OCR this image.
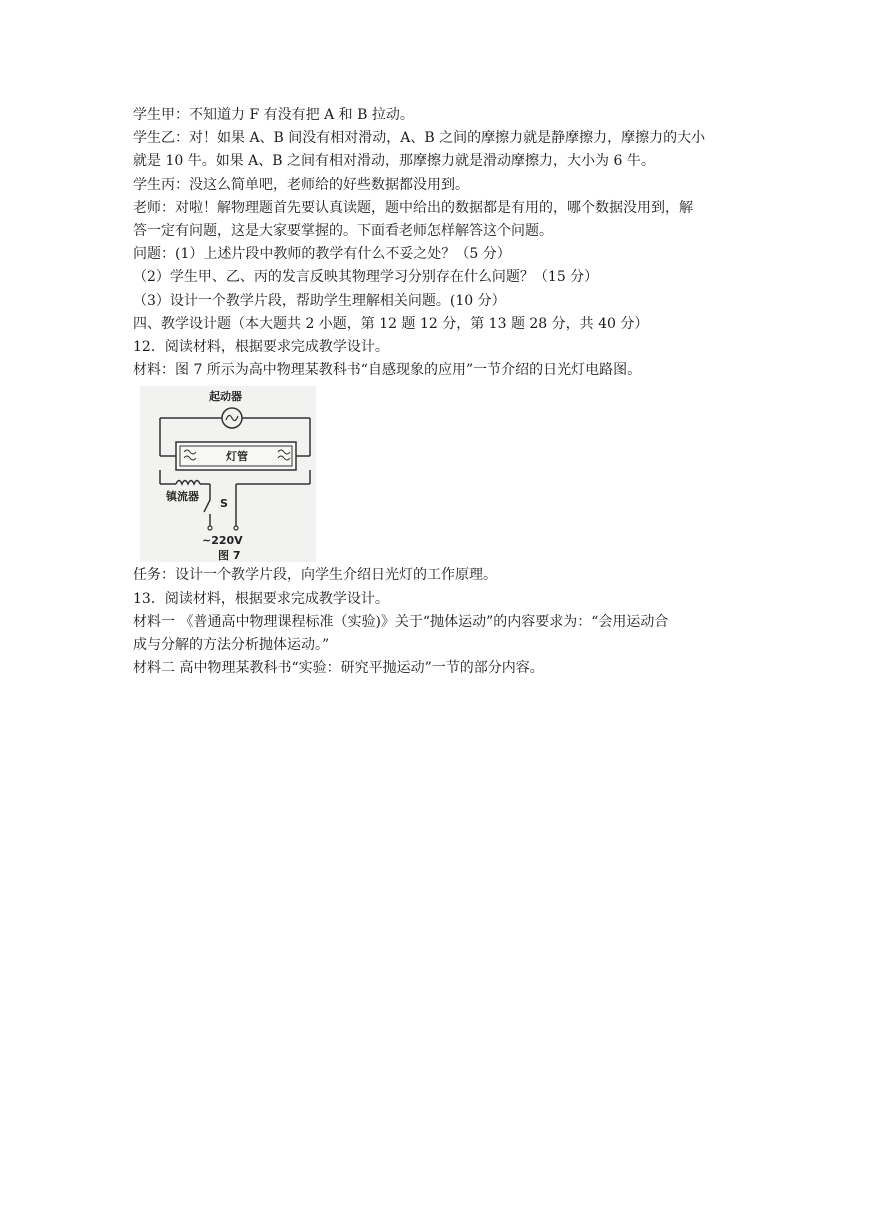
学生甲：不知道力 F 有没有把 A 和 B 拉动。

学生乙：对！如果 A、B 间没有相对滑动，A、B 之间的摩擦力就是静摩擦力，摩擦力的大小

就是 10 牛。如果 A、B 之间有相对滑动，那摩擦力就是滑动摩擦力，大小为 6 牛。

学生丙：没这么简单吧，老师给的好些数据都没用到。

老师：对啦！解物理题首先要认真读题，题中给出的数据都是有用的，哪个数据没用到，解

答一定有问题，这是大家要掌握的。下面看老师怎样解答这个问题。

问题：(1）上述片段中教师的教学有什么不妥之处？（5 分）

（2）学生甲、乙、丙的发言反映其物理学习分别存在什么问题？（15 分）

（3）设计一个教学片段，帮助学生理解相关问题。(10 分）

四、教学设计题（本大题共 2 小题，第 12 题 12 分，第 13 题 28 分，共 40 分）

12．阅读材料，根据要求完成教学设计。

材料：图 7 所示为高中物理某教科书“自感现象的应用”一节介绍的日光灯电路图。

起动器
灯管
镇流器
S
~220V
图 7

任务：设计一个教学片段，向学生介绍日光灯的工作原理。

13．阅读材料，根据要求完成教学设计。

材料一 《普通高中物理课程标准（实验)》关于“抛体运动”的内容要求为：“会用运动合

成与分解的方法分析抛体运动。”

材料二 高中物理某教科书“实验：研究平抛运动”一节的部分内容。
